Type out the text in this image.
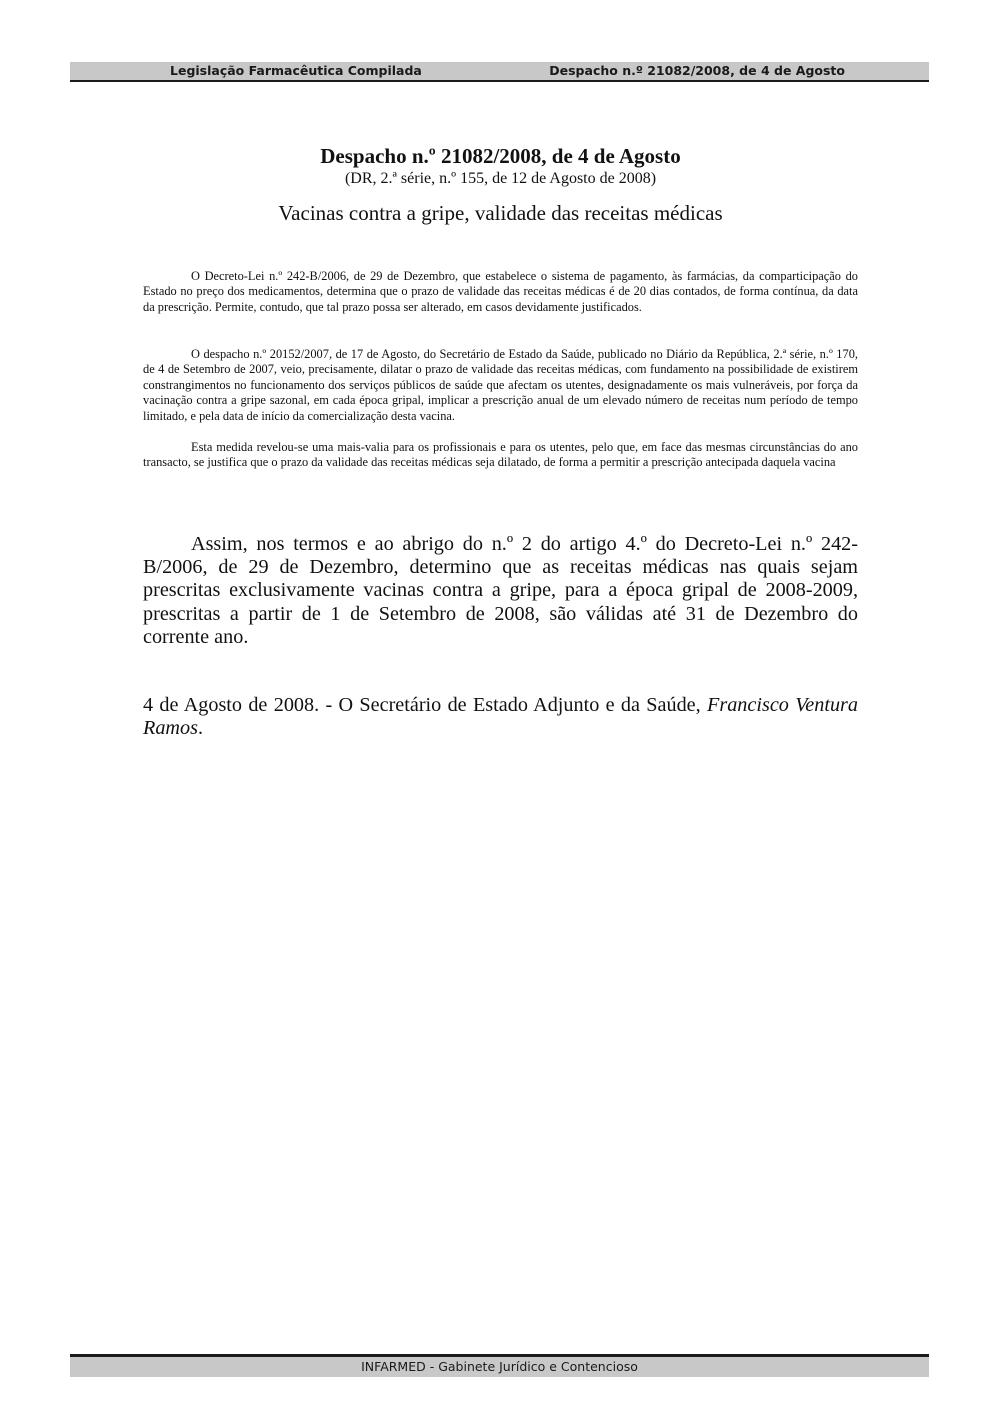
Legislação Farmacêutica Compilada	Despacho n.º 21082/2008, de 4 de Agosto

Despacho n.º 21082/2008, de 4 de Agosto

(DR, 2.ª série, n.º 155, de 12 de Agosto de 2008)

Vacinas contra a gripe, validade das receitas médicas

O Decreto-Lei n.º 242-B/2006, de 29 de Dezembro, que estabelece o sistema de pagamento, às farmácias, da comparticipação do Estado no preço dos medicamentos, determina que o prazo de validade das receitas médicas é de 20 dias contados, de forma contínua, da data da prescrição. Permite, contudo, que tal prazo possa ser alterado, em casos devidamente justificados.

O despacho n.º 20152/2007, de 17 de Agosto, do Secretário de Estado da Saúde, publicado no Diário da República, 2.ª série, n.º 170, de 4 de Setembro de 2007, veio, precisamente, dilatar o prazo de validade das receitas médicas, com fundamento na possibilidade de existirem constrangimentos no funcionamento dos serviços públicos de saúde que afectam os utentes, designadamente os mais vulneráveis, por força da vacinação contra a gripe sazonal, em cada época gripal, implicar a prescrição anual de um elevado número de receitas num período de tempo limitado, e pela data de início da comercialização desta vacina.

Esta medida revelou-se uma mais-valia para os profissionais e para os utentes, pelo que, em face das mesmas circunstâncias do ano transacto, se justifica que o prazo da validade das receitas médicas seja dilatado, de forma a permitir a prescrição antecipada daquela vacina

Assim, nos termos e ao abrigo do n.º 2 do artigo 4.º do Decreto-Lei n.º 242-B/2006, de 29 de Dezembro, determino que as receitas médicas nas quais sejam prescritas exclusivamente vacinas contra a gripe, para a época gripal de 2008-2009, prescritas a partir de 1 de Setembro de 2008, são válidas até 31 de Dezembro do corrente ano.

4 de Agosto de 2008. - O Secretário de Estado Adjunto e da Saúde, Francisco Ventura Ramos.

INFARMED - Gabinete Jurídico e Contencioso
